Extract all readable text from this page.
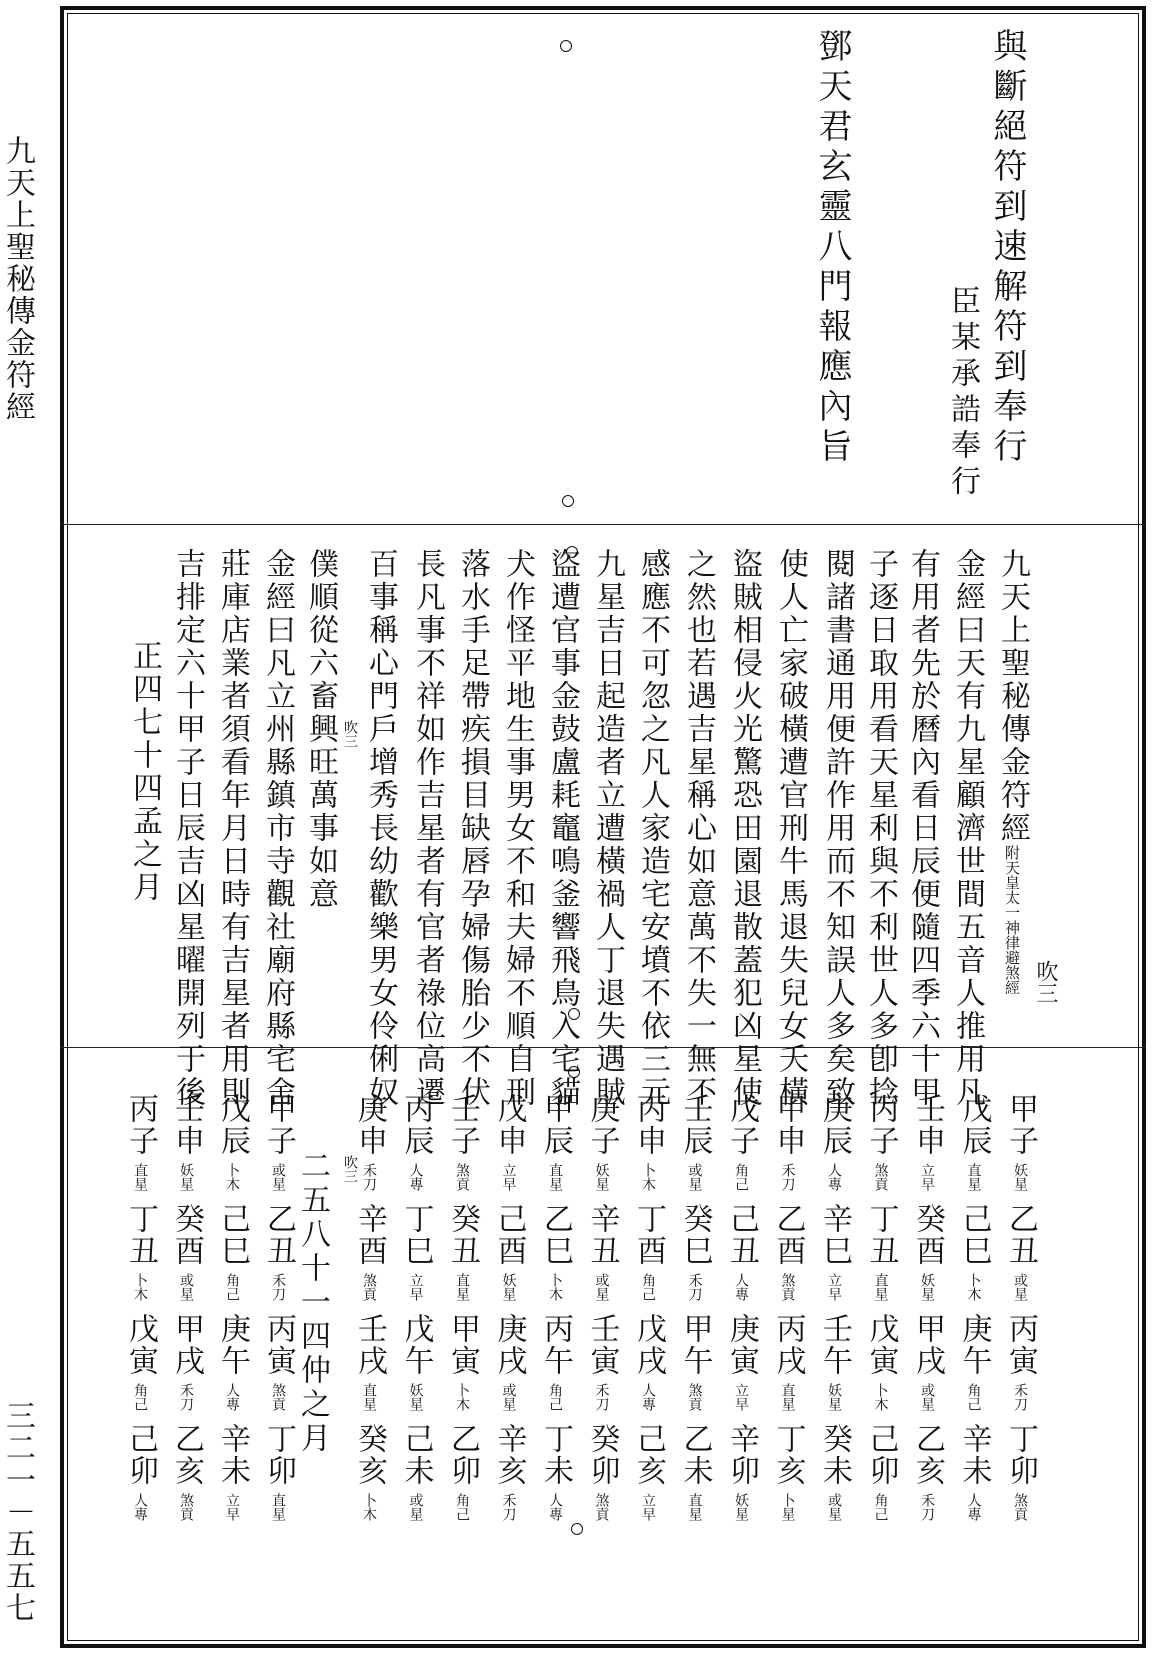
九天上聖秘傳金符經
三二一－五五七
與斷絕符到速解符到奉行
臣某承誥奉行
鄧天君玄靈八門報應內旨
九天上聖秘傳金符經附天皇太一神律避煞經 吹三
金經曰天有九星顧濟世間五音人推用凡
有用者先於曆內看日辰便隨四季六十甲
子逐日取用看天星利與不利世人多卽捻
閱諸書通用便許作用而不知誤人多矣致
使人亡家破橫遭官刑牛馬退失兒女夭橫
盜賊相侵火光驚恐田園退散蓋犯凶星使
之然也若遇吉星稱心如意萬不失一無不
感應不可忽之凡人家造宅安墳不依三元
九星吉日起造者立遭橫禍人丁退失遇賊
盜遭官事金鼓盧耗竈鳴釜響飛鳥入宅貓
犬作怪平地生事男女不和夫婦不順自刑
落水手足帶疾損目缺唇孕婦傷胎少不伏
長凡事不祥如作吉星者有官者祿位高遷
百事稱心門戶增秀長幼歡樂男女伶俐奴
吹三
僕順從六畜興旺萬事如意
金經曰凡立州縣鎮市寺觀社廟府縣宅舍
莊庫店業者須看年月日時有吉星者用則
吉排定六十甲子日辰吉凶星曜開列于後
正四七十四孟之月
甲子
妖星
乙丑
或星
丙寅
禾刀
丁卯
煞貢
戊辰
直星
己巳
卜木
庚午
角己
辛未
人專
壬申
立早
癸酉
妖星
甲戌
或星
乙亥
禾刀
丙子
煞貢
丁丑
直星
戊寅
卜木
己卯
角己
庚辰
人專
辛巳
立早
壬午
妖星
癸未
或星
甲申
禾刀
乙酉
煞貢
丙戌
直星
丁亥
卜星
戊子
角己
己丑
人專
庚寅
立早
辛卯
妖星
壬辰
或星
癸巳
禾刀
甲午
煞貢
乙未
直星
丙申
卜木
丁酉
角己
戊戌
人專
己亥
立早
庚子
妖星
辛丑
或星
壬寅
禾刀
癸卯
煞貢
甲辰
直星
乙巳
卜木
丙午
角己
丁未
人專
戊申
立早
己酉
妖星
庚戌
或星
辛亥
禾刀
壬子
煞貢
癸丑
直星
甲寅
卜木
乙卯
角己
丙辰
人專
丁巳
立早
戊午
妖星
己未
或星
庚申
禾刀
辛酉
煞貢
壬戌
直星
癸亥
卜木
甲子
或星
乙丑
禾刀
丙寅
煞貢
丁卯
直星
戊辰
卜木
己巳
角己
庚午
人專
辛未
立早
壬申
妖星
癸酉
或星
甲戌
禾刀
乙亥
煞貢
丙子
直星
丁丑
卜木
戊寅
角己
己卯
人專
吹三
二五八十一四仲之月
